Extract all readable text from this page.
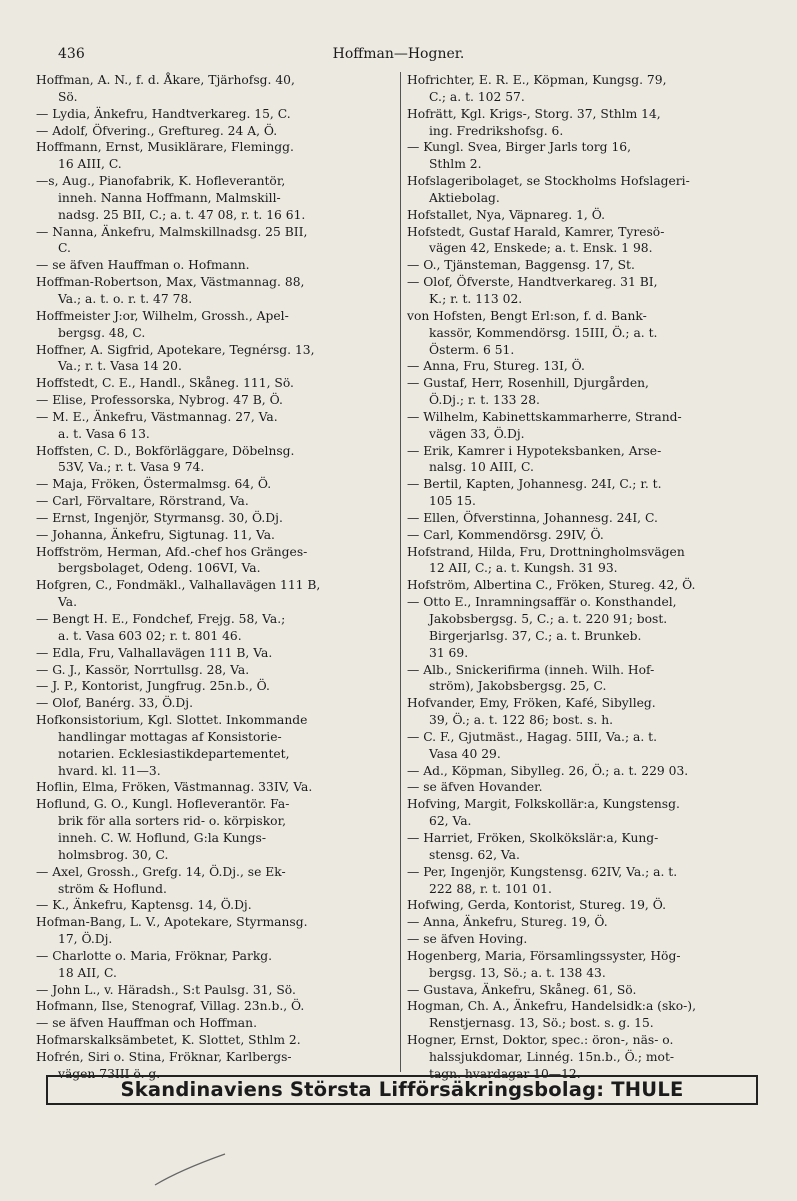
436	Hoffman—Hogner.
Hoffman, A. N., f. d. Åkare, Tjärhofsg. 40,
Sö.
— Lydia, Änkefru, Handtverkareg. 15, C.
— Adolf, Öfvering., Greftureg. 24 A, Ö.
Hoffmann, Ernst, Musiklärare, Flemingg.
16 AIII, C.
—s, Aug., Pianofabrik, K. Hofleverantör,
inneh. Nanna Hoffmann, Malmskill-
nadsg. 25 BII, C.; a. t. 47 08, r. t. 16 61.
— Nanna, Änkefru, Malmskillnadsg. 25 BII,
C.
— se äfven Hauffman o. Hofmann.
Hoffman-Robertson, Max, Västmannag. 88,
Va.; a. t. o. r. t. 47 78.
Hoffmeister J:or, Wilhelm, Grossh., Apel-
bergsg. 48, C.
Hoffner, A. Sigfrid, Apotekare, Tegnérsg. 13,
Va.; r. t. Vasa 14 20.
Hoffstedt, C. E., Handl., Skåneg. 111, Sö.
— Elise, Professorska, Nybrog. 47 B, Ö.
— M. E., Änkefru, Västmannag. 27, Va.
a. t. Vasa 6 13.
Hoffsten, C. D., Bokförläggare, Döbelnsg.
53V, Va.; r. t. Vasa 9 74.
— Maja, Fröken, Östermalmsg. 64, Ö.
— Carl, Förvaltare, Rörstrand, Va.
— Ernst, Ingenjör, Styrmansg. 30, Ö.Dj.
— Johanna, Änkefru, Sigtunag. 11, Va.
Hoffström, Herman, Afd.-chef hos Gränges-
bergsbolaget, Odeng. 106VI, Va.
Hofgren, C., Fondmäkl., Valhallavägen 111 B,
Va.
— Bengt H. E., Fondchef, Frejg. 58, Va.;
a. t. Vasa 603 02; r. t. 801 46.
— Edla, Fru, Valhallavägen 111 B, Va.
— G. J., Kassör, Norrtullsg. 28, Va.
— J. P., Kontorist, Jungfrug. 25n.b., Ö.
— Olof, Banérg. 33, Ö.Dj.
Hofkonsistorium, Kgl. Slottet. Inkommande
handlingar mottagas af Konsistorie-
notarien. Ecklesiastikdepartementet,
hvard. kl. 11—3.
Hoflin, Elma, Fröken, Västmannag. 33IV, Va.
Hoflund, G. O., Kungl. Hofleverantör. Fa-
brik för alla sorters rid- o. körpiskor,
inneh. C. W. Hoflund, G:la Kungs-
holmsbrog. 30, C.
— Axel, Grossh., Grefg. 14, Ö.Dj., se Ek-
ström & Hoflund.
— K., Änkefru, Kaptensg. 14, Ö.Dj.
Hofman-Bang, L. V., Apotekare, Styrmansg.
17, Ö.Dj.
— Charlotte o. Maria, Fröknar, Parkg.
18 AII, C.
— John L., v. Häradsh., S:t Paulsg. 31, Sö.
Hofmann, Ilse, Stenograf, Villag. 23n.b., Ö.
— se äfven Hauffman och Hoffman.
Hofmarskalksämbetet, K. Slottet, Sthlm 2.
Hofrén, Siri o. Stina, Fröknar, Karlbergs-
vägen 73III ö. g.
Hofrichter, E. R. E., Köpman, Kungsg. 79,
C.; a. t. 102 57.
Hofrätt, Kgl. Krigs-, Storg. 37, Sthlm 14,
ing. Fredrikshofsg. 6.
— Kungl. Svea, Birger Jarls torg 16,
Sthlm 2.
Hofslageribolaget, se Stockholms Hofslageri-
Aktiebolag.
Hofstallet, Nya, Väpnareg. 1, Ö.
Hofstedt, Gustaf Harald, Kamrer, Tyresö-
vägen 42, Enskede; a. t. Ensk. 1 98.
— O., Tjänsteman, Baggensg. 17, St.
— Olof, Öfverste, Handtverkareg. 31 BI,
K.; r. t. 113 02.
von Hofsten, Bengt Erl:son, f. d. Bank-
kassör, Kommendörsg. 15III, Ö.; a. t.
Österm. 6 51.
— Anna, Fru, Stureg. 13I, Ö.
— Gustaf, Herr, Rosenhill, Djurgården,
Ö.Dj.; r. t. 133 28.
— Wilhelm, Kabinettskammarherre, Strand-
vägen 33, Ö.Dj.
— Erik, Kamrer i Hypoteksbanken, Arse-
nalsg. 10 AIII, C.
— Bertil, Kapten, Johannesg. 24I, C.; r. t.
105 15.
— Ellen, Öfverstinna, Johannesg. 24I, C.
— Carl, Kommendörsg. 29IV, Ö.
Hofstrand, Hilda, Fru, Drottningholmsvägen
12 AII, C.; a. t. Kungsh. 31 93.
Hofström, Albertina C., Fröken, Stureg. 42, Ö.
— Otto E., Inramningsaffär o. Konsthandel,
Jakobsbergsg. 5, C.; a. t. 220 91; bost.
Birgerjarlsg. 37, C.; a. t. Brunkeb.
31 69.
— Alb., Snickerifirma (inneh. Wilh. Hof-
ström), Jakobsbergsg. 25, C.
Hofvander, Emy, Fröken, Kafé, Sibylleg.
39, Ö.; a. t. 122 86; bost. s. h.
— C. F., Gjutmäst., Hagag. 5III, Va.; a. t.
Vasa 40 29.
— Ad., Köpman, Sibylleg. 26, Ö.; a. t. 229 03.
— se äfven Hovander.
Hofving, Margit, Folkskollär:a, Kungstensg.
62, Va.
— Harriet, Fröken, Skolkökslär:a, Kung-
stensg. 62, Va.
— Per, Ingenjör, Kungstensg. 62IV, Va.; a. t.
222 88, r. t. 101 01.
Hofwing, Gerda, Kontorist, Stureg. 19, Ö.
— Anna, Änkefru, Stureg. 19, Ö.
— se äfven Hoving.
Hogenberg, Maria, Församlingssyster, Hög-
bergsg. 13, Sö.; a. t. 138 43.
— Gustava, Änkefru, Skåneg. 61, Sö.
Hogman, Ch. A., Änkefru, Handelsidk:a (sko-),
Renstjernasg. 13, Sö.; bost. s. g. 15.
Hogner, Ernst, Doktor, spec.: öron-, näs- o.
halssjukdomar, Linnég. 15n.b., Ö.; mot-
tagn. hvardagar 10—12.
Skandinaviens Största Lifförsäkringsbolag: THULE
